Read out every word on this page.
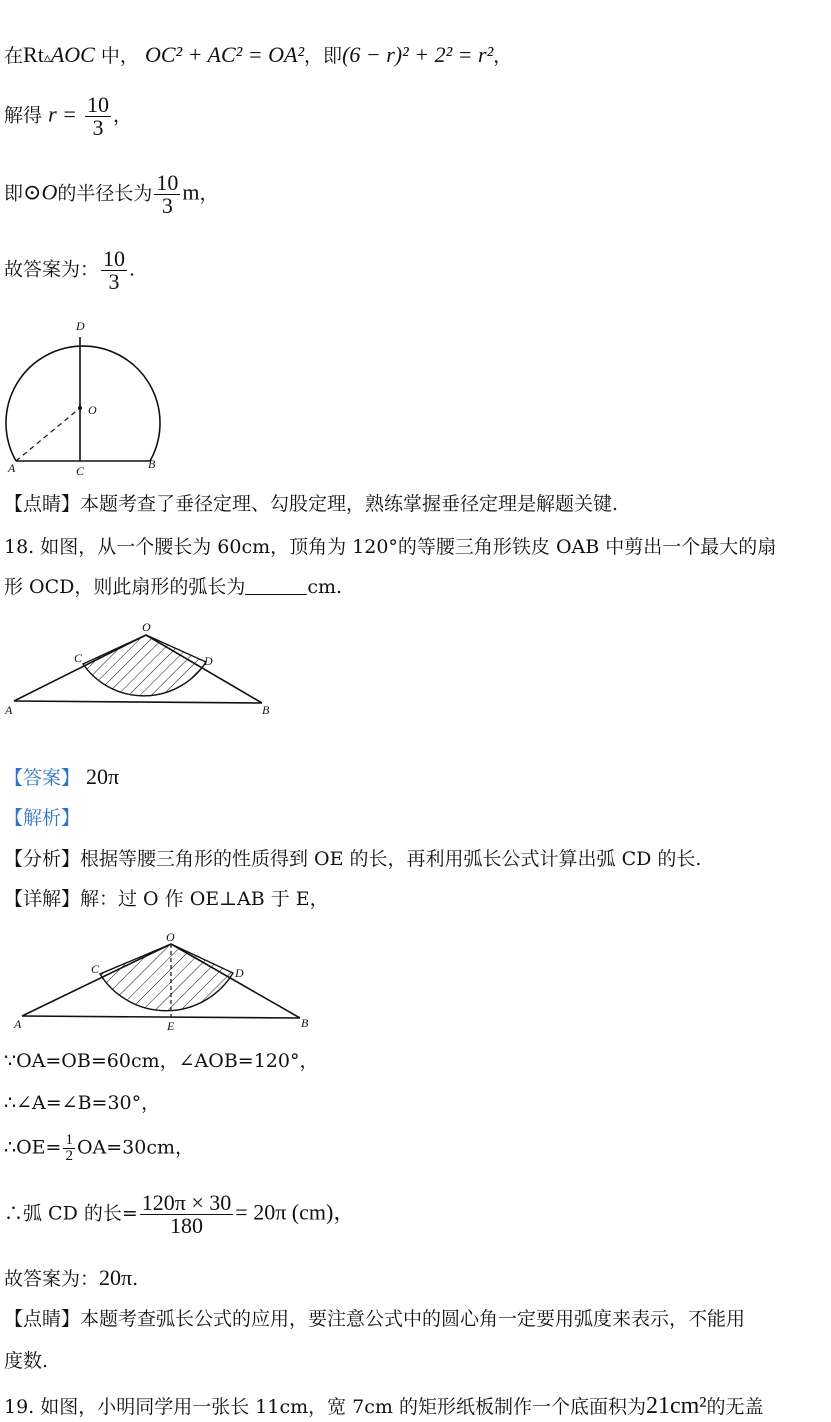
在Rt▵AOC 中， OC² + AC² = OA²，即(6 − r)² + 2² = r²，
解得 $r = \frac{10}{3}$ ，
即⊙O的半径长为 $\frac{10}{3}$ m，
故答案为： $\frac{10}{3}$ .
D
O
A	C	B
【点睛】本题考查了垂径定理、勾股定理，熟练掌握垂径定理是解题关键.
18. 如图，从一个腰长为 60cm，顶角为 120°的等腰三角形铁皮 OAB 中剪出一个最大的扇
形 OCD，则此扇形的弧长为	cm.
O
C	D
A	B
【答案】 20π
【解析】
【分析】根据等腰三角形的性质得到 OE 的长，再利用弧长公式计算出弧 CD 的长.
【详解】解：过 O 作 OE⊥AB 于 E，
O
C	D
A	E	B
∵OA=OB=60cm，∠AOB=120°，
∴∠A=∠B=30°，
∴OE= $\frac{1}{2} OA=30cm$，
∴弧 CD 的长= $\frac{120\pi \times 30}{180} = 20\pi$ (cm)，
故答案为：20π.
【点睛】本题考查弧长公式的应用，要注意公式中的圆心角一定要用弧度来表示，不能用
度数.
19. 如图，小明同学用一张长 11cm，宽 7cm 的矩形纸板制作一个底面积为21cm²的无盖
